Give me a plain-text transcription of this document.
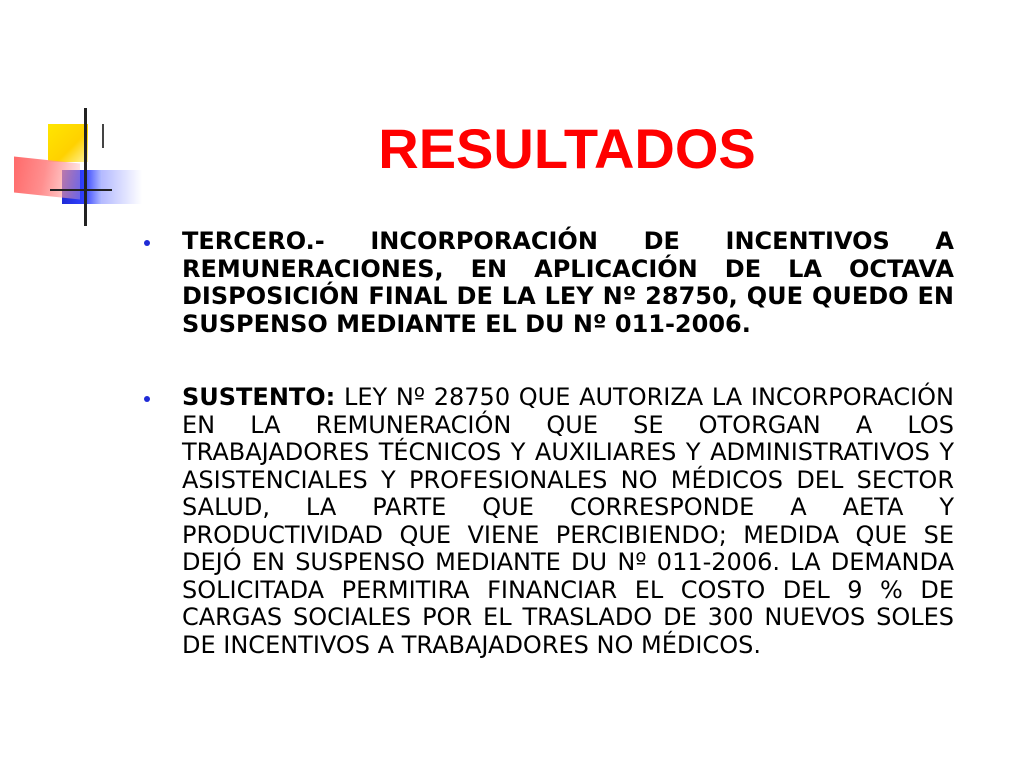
RESULTADOS
TERCERO.- INCORPORACIÓN DE INCENTIVOS A REMUNERACIONES, EN APLICACIÓN DE LA OCTAVA DISPOSICIÓN FINAL DE LA LEY Nº 28750, QUE QUEDO EN SUSPENSO MEDIANTE EL DU Nº 011-2006.
SUSTENTO: LEY Nº 28750 QUE AUTORIZA LA INCORPORACIÓN EN LA REMUNERACIÓN QUE SE OTORGAN A LOS TRABAJADORES TÉCNICOS Y AUXILIARES Y ADMINISTRATIVOS Y ASISTENCIALES Y PROFESIONALES NO MÉDICOS DEL SECTOR SALUD, LA PARTE QUE CORRESPONDE A AETA Y PRODUCTIVIDAD QUE VIENE PERCIBIENDO; MEDIDA QUE SE DEJÓ EN SUSPENSO MEDIANTE DU Nº 011-2006. LA DEMANDA SOLICITADA PERMITIRA FINANCIAR EL COSTO DEL 9 % DE CARGAS SOCIALES POR EL TRASLADO DE 300 NUEVOS SOLES DE INCENTIVOS A TRABAJADORES NO MÉDICOS.
